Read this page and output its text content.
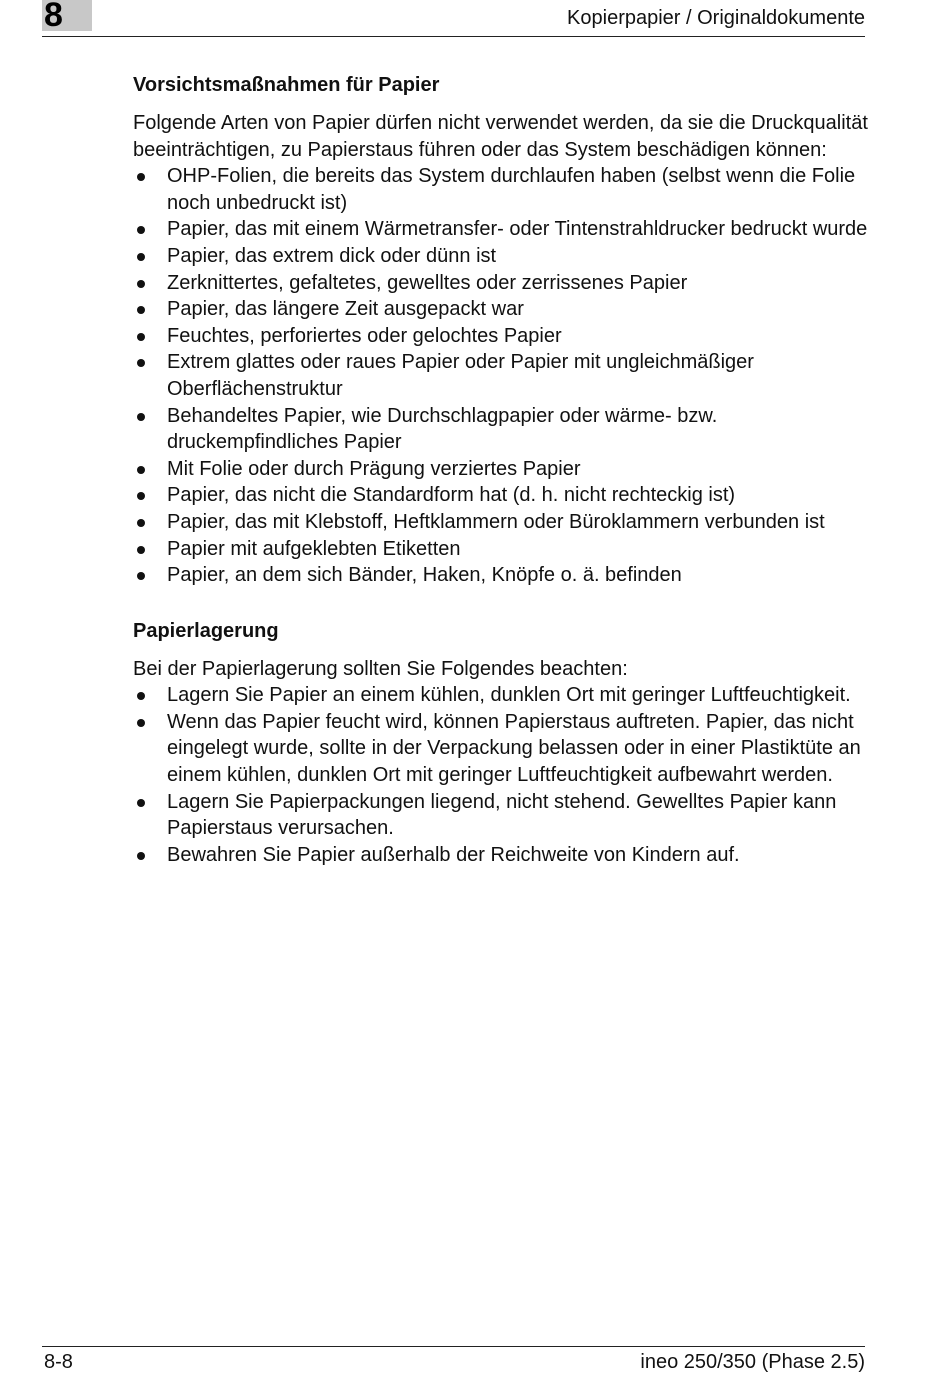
8	Kopierpapier / Originaldokumente
Vorsichtsmaßnahmen für Papier

Folgende Arten von Papier dürfen nicht verwendet werden, da sie die Druckqualität beeinträchtigen, zu Papierstaus führen oder das System beschädigen können:

OHP-Folien, die bereits das System durchlaufen haben (selbst wenn die Folie noch unbedruckt ist)
Papier, das mit einem Wärmetransfer- oder Tintenstrahldrucker bedruckt wurde
Papier, das extrem dick oder dünn ist
Zerknittertes, gefaltetes, gewelltes oder zerrissenes Papier
Papier, das längere Zeit ausgepackt war
Feuchtes, perforiertes oder gelochtes Papier
Extrem glattes oder raues Papier oder Papier mit ungleichmäßiger Oberflächenstruktur
Behandeltes Papier, wie Durchschlagpapier oder wärme- bzw. druckempfindliches Papier
Mit Folie oder durch Prägung verziertes Papier
Papier, das nicht die Standardform hat (d. h. nicht rechteckig ist)
Papier, das mit Klebstoff, Heftklammern oder Büroklammern verbunden ist
Papier mit aufgeklebten Etiketten
Papier, an dem sich Bänder, Haken, Knöpfe o. ä. befinden
Papierlagerung

Bei der Papierlagerung sollten Sie Folgendes beachten:

Lagern Sie Papier an einem kühlen, dunklen Ort mit geringer Luftfeuchtigkeit.
Wenn das Papier feucht wird, können Papierstaus auftreten. Papier, das nicht eingelegt wurde, sollte in der Verpackung belassen oder in einer Plastiktüte an einem kühlen, dunklen Ort mit geringer Luftfeuchtigkeit aufbewahrt werden.
Lagern Sie Papierpackungen liegend, nicht stehend. Gewelltes Papier kann Papierstaus verursachen.
Bewahren Sie Papier außerhalb der Reichweite von Kindern auf.
8-8	ineo 250/350 (Phase 2.5)
